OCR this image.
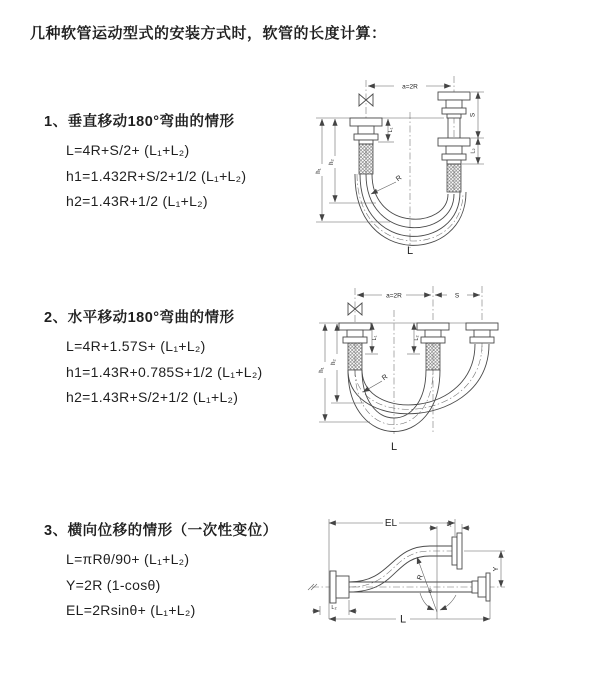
几种软管运动型式的安装方式时，软管的长度计算：

1、垂直移动180°弯曲的情形

L=4R+S/2+ (L₁+L₂)
h1=1.432R+S/2+1/2 (L₁+L₂)
h2=1.43R+1/2 (L₁+L₂)

2、水平移动180°弯曲的情形

L=4R+1.57S+ (L₁+L₂)
h1=1.43R+0.785S+1/2 (L₁+L₂)
h2=1.43R+S/2+1/2 (L₁+L₂)

3、横向位移的情形（一次性变位）

L=πRθ/90+ (L₁+L₂)
Y=2R (1-cosθ)
EL=2Rsinθ+ (L₁+L₂)
a=2R
h₁
h₂
L₁
S
L₂
R
L
a=2R	S
h₁
h₂
L₁	L₂
R
L
EL	L₁
Y
R
θ
L₂
L
